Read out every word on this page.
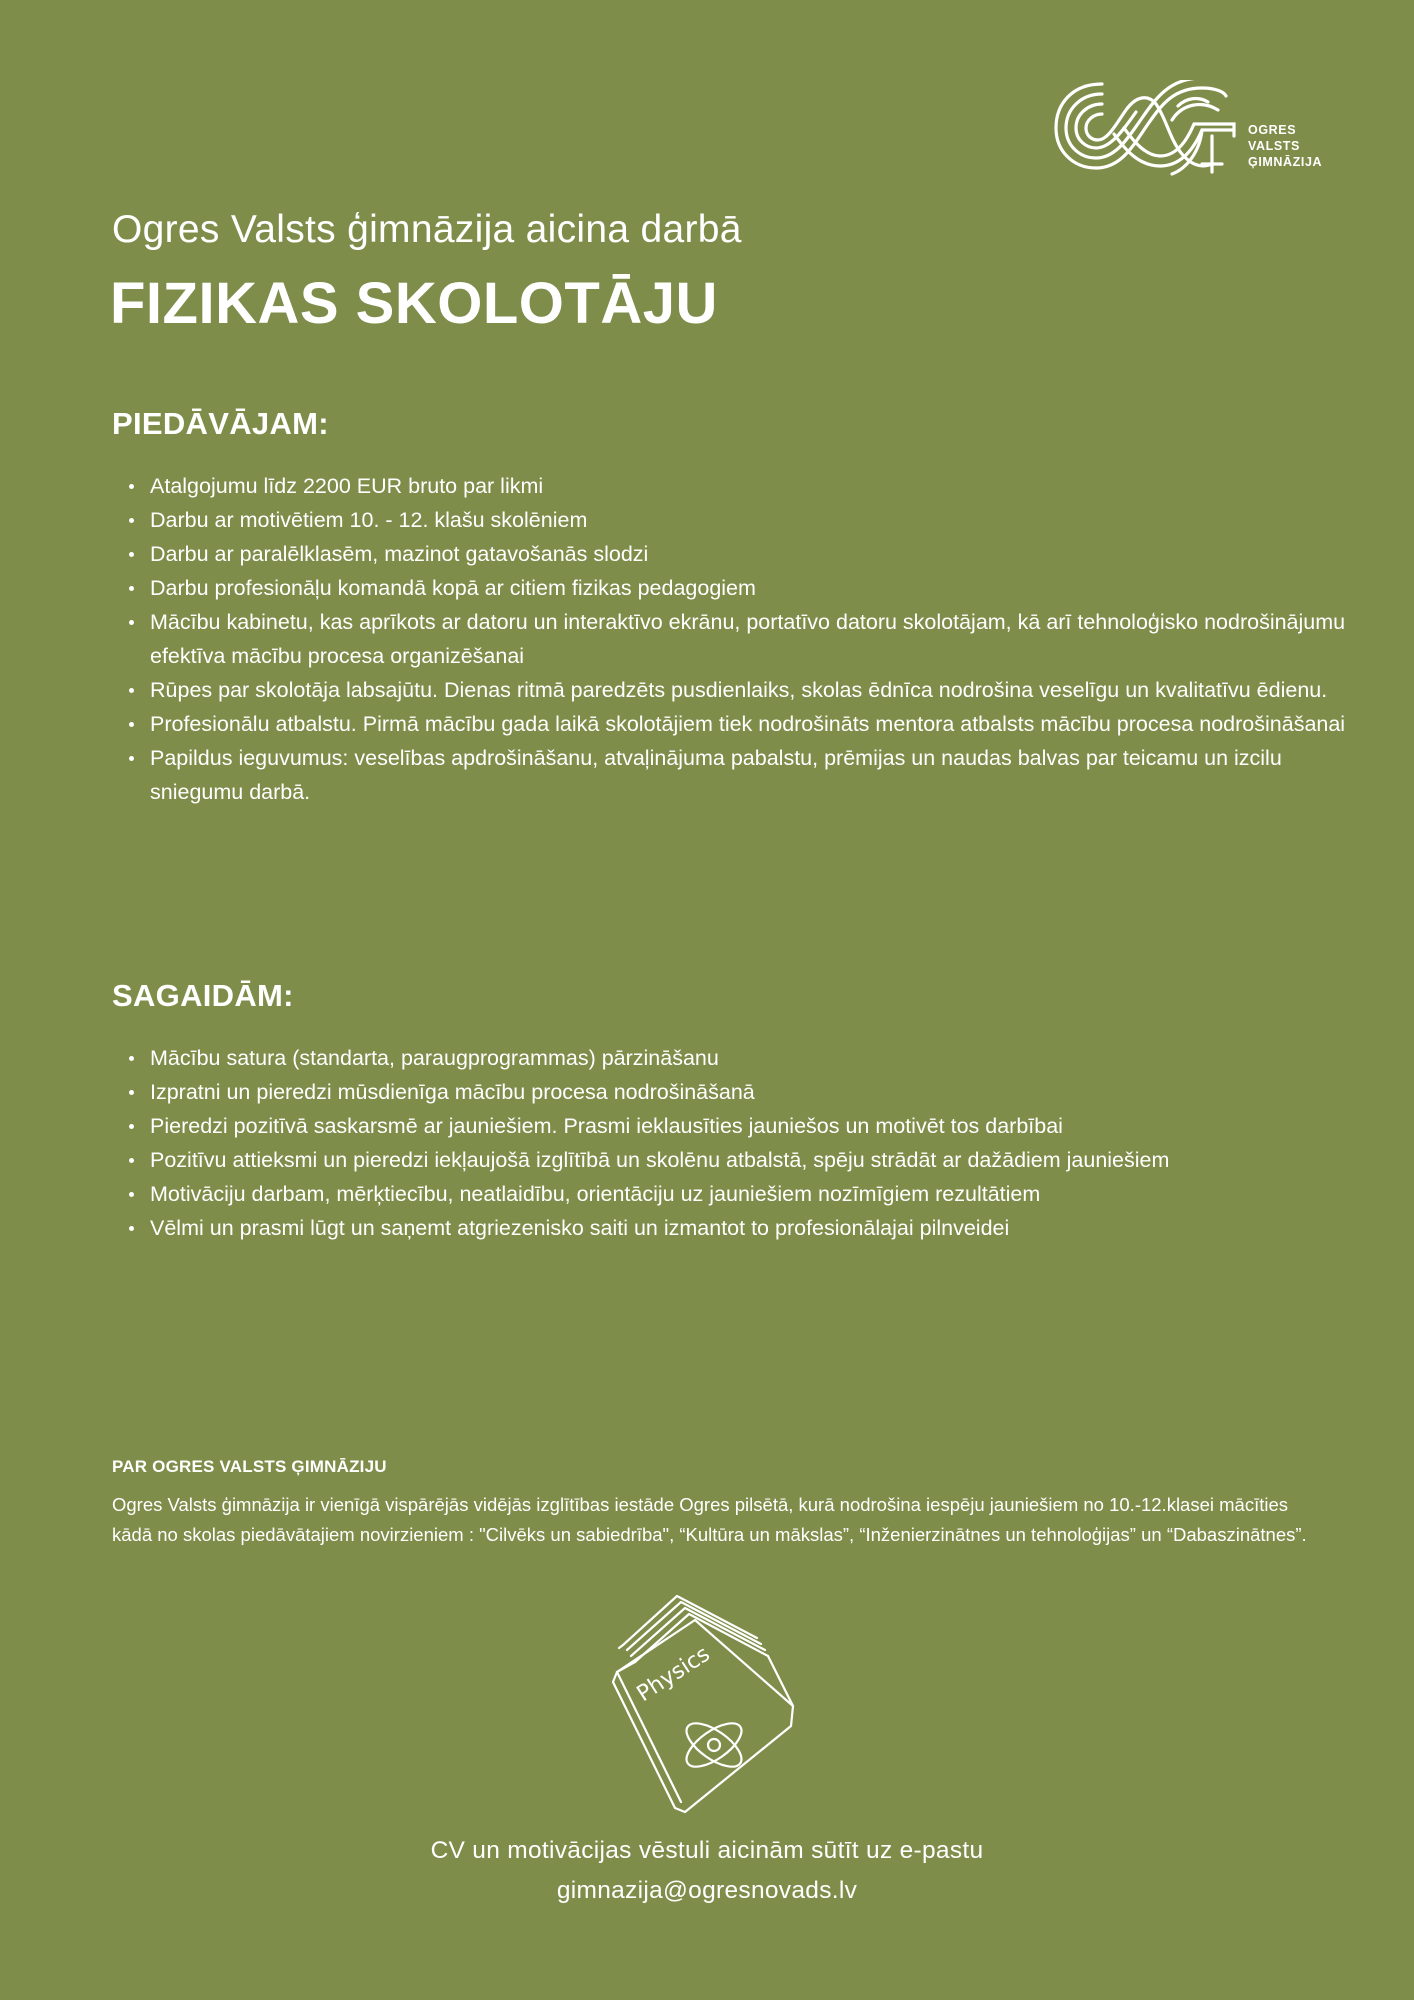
OGRES
VALSTS
ĢIMNĀZIJA
Ogres Valsts ģimnāzija aicina darbā
FIZIKAS SKOLOTĀJU
PIEDĀVĀJAM:
Atalgojumu līdz 2200 EUR bruto par likmi
Darbu ar motivētiem 10. - 12. klašu skolēniem
Darbu ar paralēlklasēm, mazinot gatavošanās slodzi
Darbu profesionāļu komandā kopā ar citiem fizikas pedagogiem
Mācību kabinetu, kas aprīkots ar datoru un interaktīvo ekrānu, portatīvo datoru skolotājam, kā arī tehnoloģisko nodrošinājumu efektīva mācību procesa organizēšanai
Rūpes par skolotāja labsajūtu. Dienas ritmā paredzēts pusdienlaiks, skolas ēdnīca nodrošina veselīgu un kvalitatīvu ēdienu.
Profesionālu atbalstu. Pirmā mācību gada laikā skolotājiem tiek nodrošināts mentora atbalsts mācību procesa nodrošināšanai
Papildus ieguvumus: veselības apdrošināšanu, atvaļinājuma pabalstu, prēmijas un naudas balvas par teicamu un izcilu sniegumu darbā.
SAGAIDĀM:
Mācību satura (standarta, paraugprogrammas) pārzināšanu
Izpratni un pieredzi mūsdienīga mācību procesa nodrošināšanā
Pieredzi pozitīvā saskarsmē ar jauniešiem. Prasmi ieklausīties jauniešos un motivēt tos darbībai
Pozitīvu attieksmi un pieredzi iekļaujošā izglītībā un skolēnu atbalstā, spēju strādāt ar dažādiem jauniešiem
Motivāciju darbam, mērķtiecību, neatlaidību, orientāciju uz jauniešiem nozīmīgiem rezultātiem
Vēlmi un prasmi lūgt un saņemt atgriezenisko saiti un izmantot to profesionālajai pilnveidei
PAR OGRES VALSTS ĢIMNĀZIJU

Ogres Valsts ģimnāzija ir vienīgā vispārējās vidējās izglītības iestāde Ogres pilsētā, kurā nodrošina iespēju jauniešiem no 10.-12.klasei mācīties kādā no skolas piedāvātajiem novirzieniem : "Cilvēks un sabiedrība", “Kultūra un mākslas”, “Inženierzinātnes un tehnoloģijas” un “Dabaszinātnes”.

Physics
CV un motivācijas vēstuli aicinām sūtīt uz e-pastu
gimnazija@ogresnovads.lv
